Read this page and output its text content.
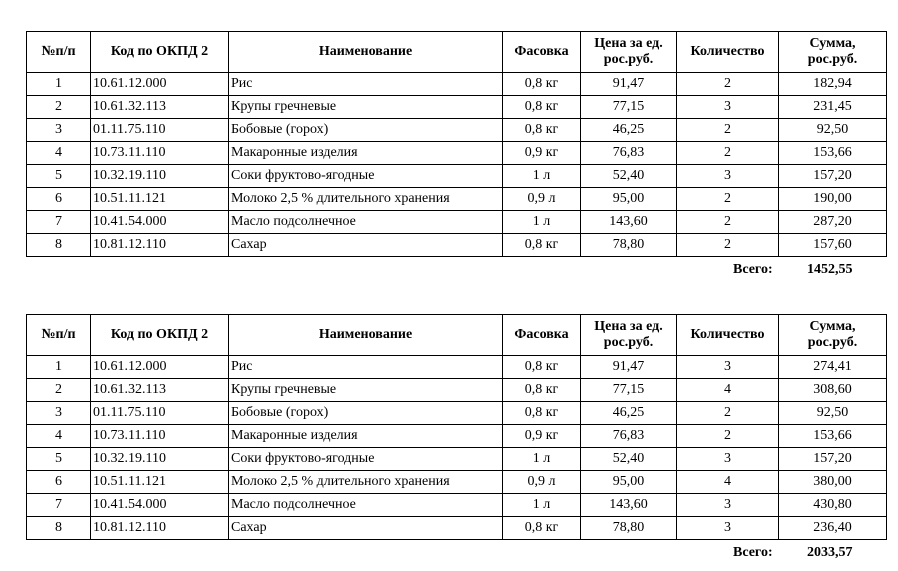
№п/п	Код по ОКПД 2	Наименование	Фасовка	Цена за ед.
рос.руб.	Количество	Сумма,
рос.руб.

1	10.61.12.000	Рис	0,8 кг	91,47	2	182,94
2	10.61.32.113	Крупы гречневые	0,8 кг	77,15	3	231,45
3	01.11.75.110	Бобовые (горох)	0,8 кг	46,25	2	92,50
4	10.73.11.110	Макаронные изделия	0,9 кг	76,83	2	153,66
5	10.32.19.110	Соки фруктово-ягодные	1 л	52,40	3	157,20
6	10.51.11.121	Молоко 2,5 % длительного хранения	0,9 л	95,00	2	190,00
7	10.41.54.000	Масло подсолнечное	1 л	143,60	2	287,20
8	10.81.12.110	Сахар	0,8 кг	78,80	2	157,60
Всего: 1452,55
№п/п	Код по ОКПД 2	Наименование	Фасовка	Цена за ед.
рос.руб.	Количество	Сумма,
рос.руб.

1	10.61.12.000	Рис	0,8 кг	91,47	3	274,41
2	10.61.32.113	Крупы гречневые	0,8 кг	77,15	4	308,60
3	01.11.75.110	Бобовые (горох)	0,8 кг	46,25	2	92,50
4	10.73.11.110	Макаронные изделия	0,9 кг	76,83	2	153,66
5	10.32.19.110	Соки фруктово-ягодные	1 л	52,40	3	157,20
6	10.51.11.121	Молоко 2,5 % длительного хранения	0,9 л	95,00	4	380,00
7	10.41.54.000	Масло подсолнечное	1 л	143,60	3	430,80
8	10.81.12.110	Сахар	0,8 кг	78,80	3	236,40
Всего: 2033,57
